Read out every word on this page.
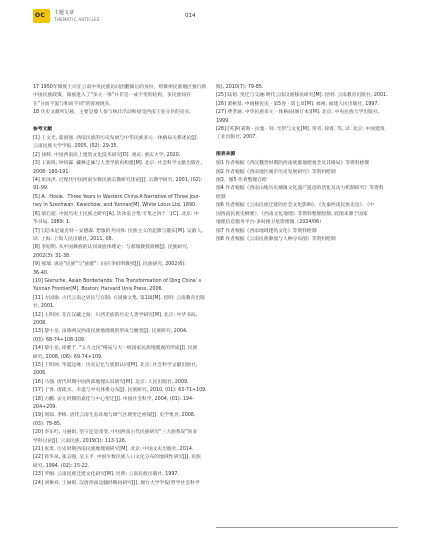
OC 主题文章
THEMATIC ARTICLES
014

17 1950年傣族土司在云南中央民族访问团翻阅后的身份，则傣州民族地区推行新

中国民族政策，傣族进入了"多元一体"并非是一成不变的结构，多民族间存

在"分而不裂与和而不同"的客观现实。

18 历史文献所记载，主要是傣人参与统计活动和接受西南王室分封的史实。

参考文献

[1] 王文光, 翟国强. 西南民族的历史发展与中华民族多元一体格局关系述论[J].

云南民族大学学报, 2005, (02): 29-35.

[2] 徐辉. 中国西南民上建筑文化技术研究[D]. 重庆: 重庆大学, 2020.

[3] 王锐锐, 钟同霖. 藏彝走廊与人类学的再构建[M]. 北京: 社会科学文献出版社,

2008: 180-191.

[4] 彭泽洪. 近现代中国西南少数民族宗教研究述论[J]. 宗教学研究, 2001, (02):

91-99.

[5] A．Hosie．Three Years in Western China:A Narrative of Three Jour-

ney in Szechwan, Kweichow, and Yunnan[M]. White Lotus Ltd, 1890.

[6] 梁启超. 中国历史上民族之研究[A]. 饮冰室合集·专集之四十二[C]. 北京: 中

华书局, 1989: 1.

[7] (美)本尼迪克特・安德森. 想象的共同体: 民族主义的起源与散布[M]. 吴叡人,

译. 上海: 上海人民出版社, 2011, 08.

[8] 李绍明. 从中国彝族的认同谈族体理论：与郝瑞教授商榷[J]. 民族研究,

2002(3): 31-38.

[9] 郝瑞. 再论"民族"与"族群"：回应李绍明教授[J]. 民族研究, 2002(6):

36-40.

[10] Giersche. Asian Borderlands: The Transformation of Qing China' s

Yunnan Frontier[M]. Boston: Harvard Univ.Press, 2006.

[11] 方国瑜. 古代云南之居民与官制, 方国瑜文集, 第1辑[M]. 昆明: 云南教育出版

社, 2001.

[12] 王明珂. 羌在汉藏之间：川西羌族的历史人类学研究[M]. 北京: 中华书局,

2008.

[13] 黎小龙. 雨傣两汉西南民族地理观的形成与嬗变[J]. 民族研究, 2004,

(03): 68-74+108-109.

[14] 黎小龙, 徐难于. "五方之民"格局与大一统国家民族地理观的形成[J]. 民族

研究, 2008, (06): 69-74+109.

[15] 王明珂. 华夏边缘：历史记忆与族群认同[M]. 北京: 社会科学文献出版社,

2006.

[16] 马强. 唐代时期中国西部地理认识研究[M]. 北京: 人民出版社, 2009.

[17] 于春. 唐疏水、幸遂与中央体系分布[J]. 民族研究, 2010, (01): 63-71+109.

[18] 古鹏. 宋元时期的嘉佳与中心变迁[J]. 中国社会科学, 2004, (01): 194-

204+209.

[19] 周琼. 孝梅. 清代云南生态环境与瘴气区域变迁初探[J]. 史学集刊, 2008,

(03): 78-85.

[20] 李东红, 马丽娟. 坚守还是改变: 中国西南古代民族研究"三大族系说"的多

学科讨论[J]. 云南民族, 2019(1): 113-126.

[21] 张勇. 历史时期西南民族地理观研究[M]. 北京: 中国文史出版社, 2014.

[22] 蒋华泉, 张志强, 吴玉平. 中国少数民族人口文化分布的地域性研究[J]. 民族

研究, 1994, (02): 15-22.

[23] 罗刚. 云南民族迁徙文化研究[M]. 昆明: 云南民族出版社, 1997.

[24] 刘俊祥, 王丽娟. 汉唐西南边疆经略再研究[J]. 烟台大学学报(哲学社会科学

版), 2010(7): 79-85.

[25] 陆韧. 变迁与交融:明代云南汉族移民研究[M]. 昆明: 云南教育出版社, 2001.

[26] 蕾树基. 中国移民史 · 第5卷 · 第七章[M]. 福州: 福建人民出版社, 1997.

[27] 费孝通. 中华民族多元一体格局(修订本)[M]. 北京: 中央民族大学出版社,

1999.

[28] [英]阿嘉斯 · 拉塞 · 特. 宅形与文化[M]. 常青, 徐菁, 等, 译. 北京: 中国建筑

工业出版社, 2007.

图表来源

图1 作者根据《西汉魏晋时期的西南族群地理观念及其格局》等资料绘制

图2 作者根据《西南地区城市历史发展研究》等资料绘制

图3、图5 作者整理自绘

图4 作者根据《西南山地历史城镇文化遗产遗迹的活化及动力机制研究》等资料

绘制

图6 作者根据《云南民族迁徙的社会文化影响》、《先秦西南民族史论》、《中

国西南民族史纲要》、《西南文化地理》等资料整理绘制, 底图来源于国家

地理信息服务平台-多时相卫星影像图（2024/06）

图7 作者根据《西南地域建筑文化》等资料绘制

图8 作者根据《云南民族源流与人种分布图》等资料绘制
